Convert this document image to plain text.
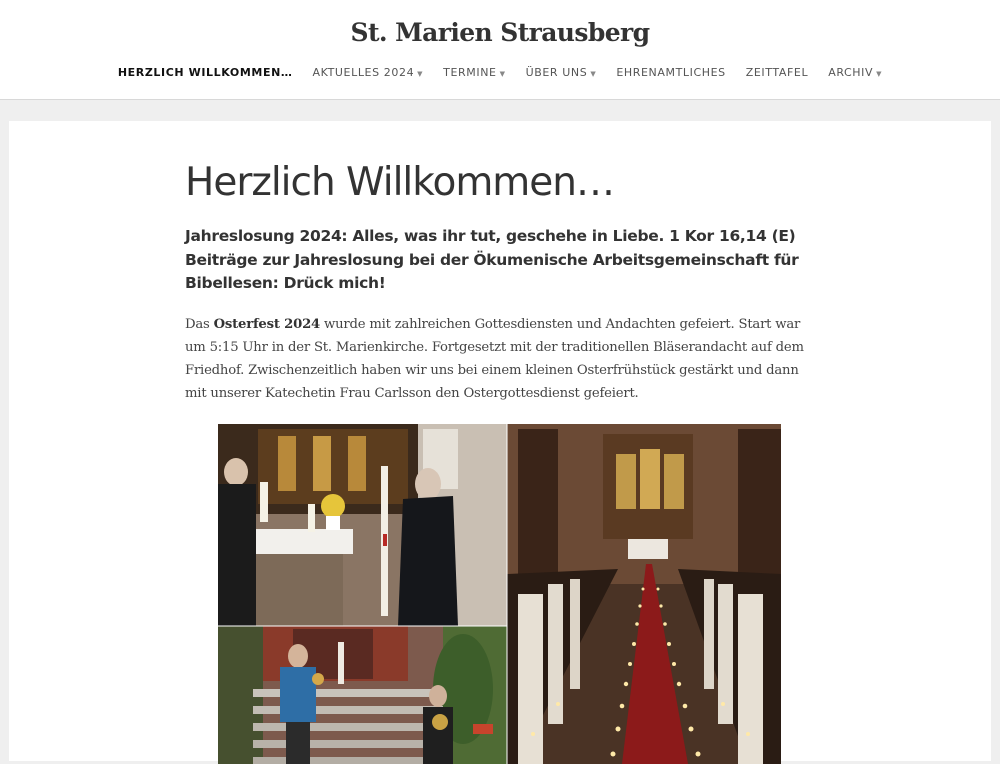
St. Marien Strausberg
HERZLICH WILLKOMMEN… AKTUELLES 2024 ▼ TERMINE ▼ ÜBER UNS ▼ EHRENAMTLICHES ZEITTAFEL ARCHIV ▼
Herzlich Willkommen…
Jahreslosung 2024: Alles, was ihr tut, geschehe in Liebe. 1 Kor 16,14 (E)
Beiträge zur Jahreslosung bei der Ökumenische Arbeitsgemeinschaft für Bibellesen: Drück mich!

Das Osterfest 2024 wurde mit zahlreichen Gottesdiensten und Andachten gefeiert. Start war um 5:15 Uhr in der St. Marienkirche. Fortgesetzt mit der traditionellen Bläserandacht auf dem Friedhof. Zwischenzeitlich haben wir uns bei einem kleinen Osterfrühstück gestärkt und dann mit unserer Katechetin Frau Carlsson den Ostergottesdienst gefeiert.
